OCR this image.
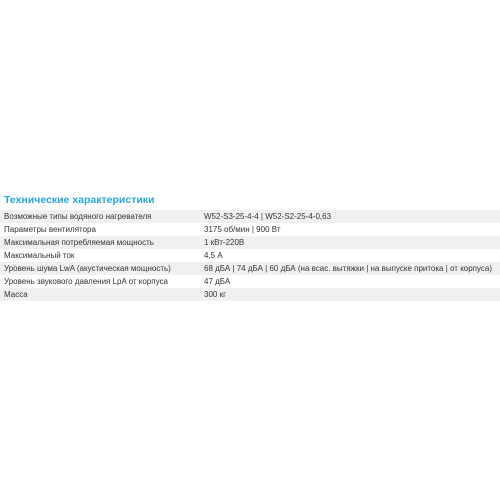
Технические характеристики
Возможные типы водяного нагревателя	W52-S3-25-4-4 | W52-S2-25-4-0,63
Параметры вентилятора	3175 об/мин | 900 Вт
Максимальная потребляемая мощность	1 кВт-220В
Максимальный ток	4,5 А
Уровень шума LwA (акустическая мощность)	68 дБА | 74 дБА | 60 дБА (на всас. вытяжки | на выпуске притока | от корпуса)
Уровень звукового давления LpA от корпуса	47 дБА
Масса	300 кг
